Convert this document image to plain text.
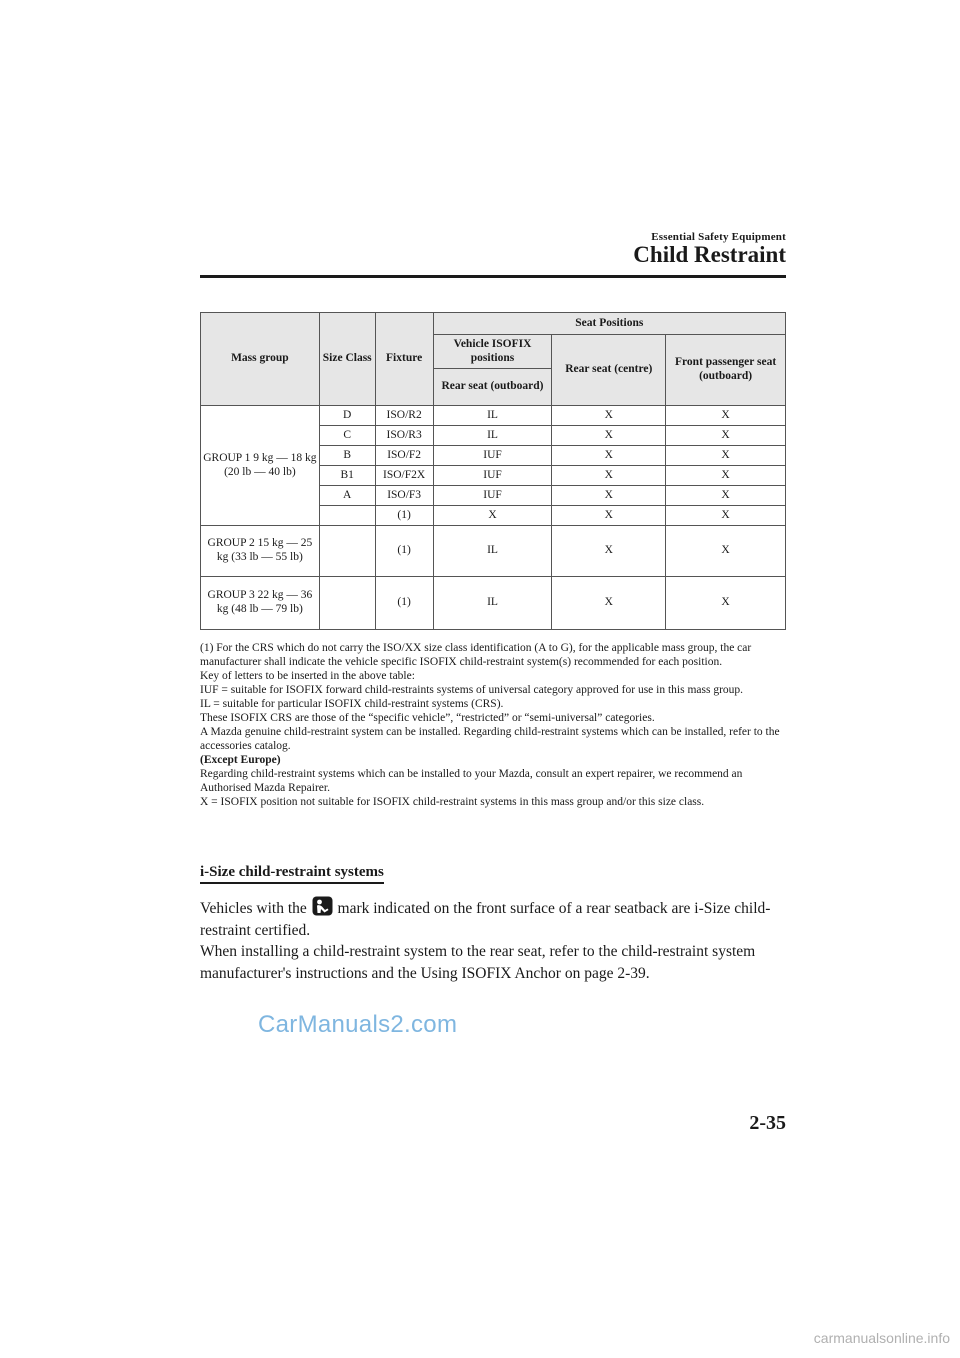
Essential Safety Equipment
Child Restraint
Mass group	Size Class	Fixture	Seat Positions		
			Vehicle ISOFIX positions	Rear seat (centre)	Front passenger seat (outboard)
			Rear seat (outboard)		
GROUP 1 9 kg — 18 kg (20 lb — 40 lb)	D	ISO/R2	IL	X	X
	C	ISO/R3	IL	X	X
	B	ISO/F2	IUF	X	X
	B1	ISO/F2X	IUF	X	X
	A	ISO/F3	IUF	X	X
		(1)	X	X	X
GROUP 2 15 kg — 25 kg (33 lb — 55 lb)		(1)	IL	X	X
GROUP 3 22 kg — 36 kg (48 lb — 79 lb)		(1)	IL	X	X

(1) For the CRS which do not carry the ISO/XX size class identification (A to G), for the applicable mass group, the car manufacturer shall indicate the vehicle specific ISOFIX child-restraint system(s) recommended for each position.

Key of letters to be inserted in the above table:

IUF = suitable for ISOFIX forward child-restraints systems of universal category approved for use in this mass group.

IL = suitable for particular ISOFIX child-restraint systems (CRS).

These ISOFIX CRS are those of the “specific vehicle”, “restricted” or “semi-universal” categories.

A Mazda genuine child-restraint system can be installed. Regarding child-restraint systems which can be installed, refer to the accessories catalog.

(Except Europe)

Regarding child-restraint systems which can be installed to your Mazda, consult an expert repairer, we recommend an Authorised Mazda Repairer.

X = ISOFIX position not suitable for ISOFIX child-restraint systems in this mass group and/or this size class.

i-Size child-restraint systems

Vehicles with the mark indicated on the front surface of a rear seatback are i-Size child-restraint certified.

When installing a child-restraint system to the rear seat, refer to the child-restraint system manufacturer's instructions and the Using ISOFIX Anchor on page 2-39.

CarManuals2.com
2-35
carmanualsonline.info
